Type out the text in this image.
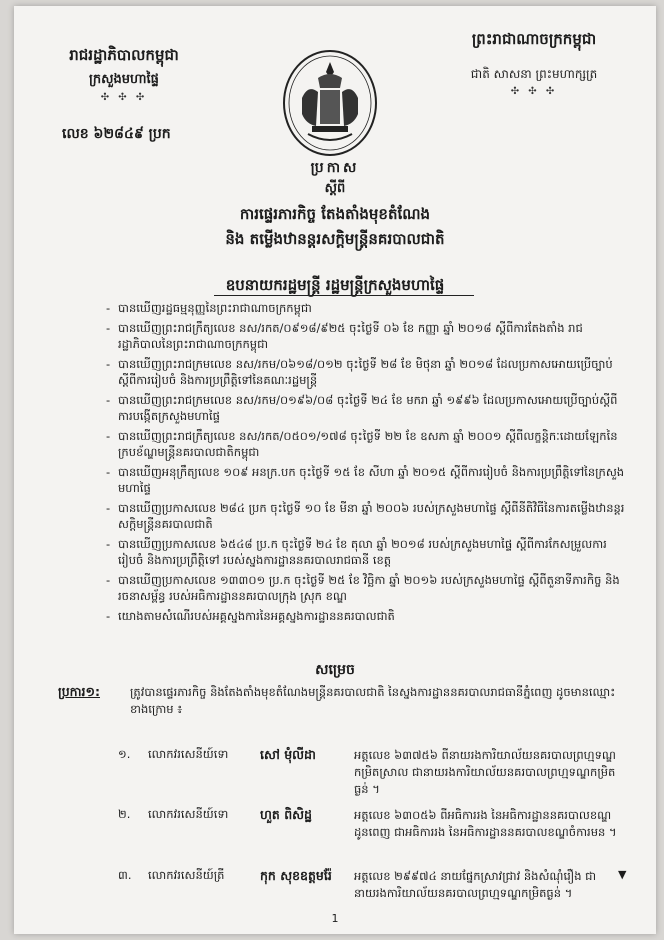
រាជរដ្ឋាភិបាលកម្ពុជា
ក្រសួងមហាផ្ទៃ
✣ ✣ ✣
លេខ ៦២៨៤៩ ប្រក
ព្រះរាជាណាចក្រកម្ពុជា
ជាតិ សាសនា ព្រះមហាក្សត្រ
✣ ✣ ✣
ប្រកាស
ស្តីពី
ការផ្ទេរភារកិច្ច តែងតាំងមុខតំណែង
និង តម្លើងឋានន្តរសក្តិមន្ត្រីនគរបាលជាតិ
ឧបនាយករដ្ឋមន្ត្រី រដ្ឋមន្ត្រីក្រសួងមហាផ្ទៃ
- បានឃើញរដ្ឋធម្មនុញ្ញនៃព្រះរាជាណាចក្រកម្ពុជា
- បានឃើញព្រះរាជក្រឹត្យលេខ នស/រកត/០៩១៨/៩២៥ ចុះថ្ងៃទី ០៦ ខែ កញ្ញា ឆ្នាំ ២០១៨ ស្តីពីការតែងតាំង រាជរដ្ឋាភិបាលនៃព្រះរាជាណាចក្រកម្ពុជា
- បានឃើញព្រះរាជក្រមលេខ នស/រកម/០៦១៨/០១២ ចុះថ្ងៃទី ២៨ ខែ មិថុនា ឆ្នាំ ២០១៨ ដែលប្រកាសអោយប្រើច្បាប់ស្តីពីការរៀបចំ និងការប្រព្រឹត្តិទៅនៃគណៈរដ្ឋមន្ត្រី
- បានឃើញព្រះរាជក្រមលេខ នស/រកម/០១៩៦/០៨ ចុះថ្ងៃទី ២៤ ខែ មករា ឆ្នាំ ១៩៩៦ ដែលប្រកាសអោយប្រើច្បាប់ស្តីពីការបង្កើតក្រសួងមហាផ្ទៃ
- បានឃើញព្រះរាជក្រឹត្យលេខ នស/រកត/០៥០១/១៧៨ ចុះថ្ងៃទី ២២ ខែ ឧសភា ឆ្នាំ ២០០១ ស្តីពីលក្ខន្តិកៈដោយឡែកនៃក្របខ័ណ្ឌមន្ត្រីនគរបាលជាតិកម្ពុជា
- បានឃើញអនុក្រឹត្យលេខ ១០៩ អនក្រ.បក ចុះថ្ងៃទី ១៥ ខែ សីហា ឆ្នាំ ២០១៥ ស្តីពីការរៀបចំ និងការប្រព្រឹត្តិទៅនៃក្រសួងមហាផ្ទៃ
- បានឃើញប្រកាសលេខ ២៨៤ ប្រក ចុះថ្ងៃទី ១០ ខែ មីនា ឆ្នាំ ២០០៦ របស់ក្រសួងមហាផ្ទៃ ស្តីពីនីតិវិធីនៃការតម្លើងឋានន្តរសក្តិមន្ត្រីនគរបាលជាតិ
- បានឃើញប្រកាសលេខ ៦៥៤៨ ប្រ.ក ចុះថ្ងៃទី ២៤ ខែ តុលា ឆ្នាំ ២០១៨ របស់ក្រសួងមហាផ្ទៃ ស្តីពីការកែសម្រួលការរៀបចំ និងការប្រព្រឹត្តិទៅ របស់ស្នងការដ្ឋាននគរបាលរាជធានី ខេត្ត
- បានឃើញប្រកាសលេខ ១៣៣០១ ប្រ.ក ចុះថ្ងៃទី ២៥ ខែ វិច្ឆិកា ឆ្នាំ ២០១៦ របស់ក្រសួងមហាផ្ទៃ ស្តីពីតួនាទីភារកិច្ច និងរចនាសម្ព័ន្ធ របស់អធិការដ្ឋាននគរបាលក្រុង ស្រុក ខណ្ឌ
- យោងតាមសំណើរបស់អគ្គស្នងការនៃអគ្គស្នងការដ្ឋាននគរបាលជាតិ
សម្រេច
ប្រការ១:	ត្រូវបានផ្ទេរភារកិច្ច និងតែងតាំងមុខតំណែងមន្ត្រីនគរបាលជាតិ នៃស្នងការដ្ឋាននគរបាលរាជធានីភ្នំពេញ ដូចមានឈ្មោះខាងក្រោម ៖
១. លោកវរសេនីយ៍ទោ	សៅ មុំលីដា	អត្តលេខ ៦៣៧៥៦ ពីនាយរងការិយាល័យនគរបាលព្រហ្មទណ្ឌកម្រិតស្រាល ជានាយរងការិយាល័យនគរបាលព្រហ្មទណ្ឌកម្រិតធ្ងន់ ។
២. លោកវរសេនីយ៍ទោ	ហួត ពិសិដ្ឋ	អត្តលេខ ៦៣០៥៦ ពីអធិការរង នៃអធិការដ្ឋាននគរបាលខណ្ឌដូនពេញ ជាអធិការរង នៃអធិការដ្ឋាននគរបាលខណ្ឌចំការមន ។
៣. លោកវរសេនីយ៍ត្រី	កុក សុខឧត្តមរ៉ែ អត្តលេខ ២៩៩៧៤ នាយផ្នែកស្រាវជ្រាវ និងសំណុំរឿង ជានាយរងការិយាល័យនគរបាលព្រហ្មទណ្ឌកម្រិតធ្ងន់ ។
▼
1
